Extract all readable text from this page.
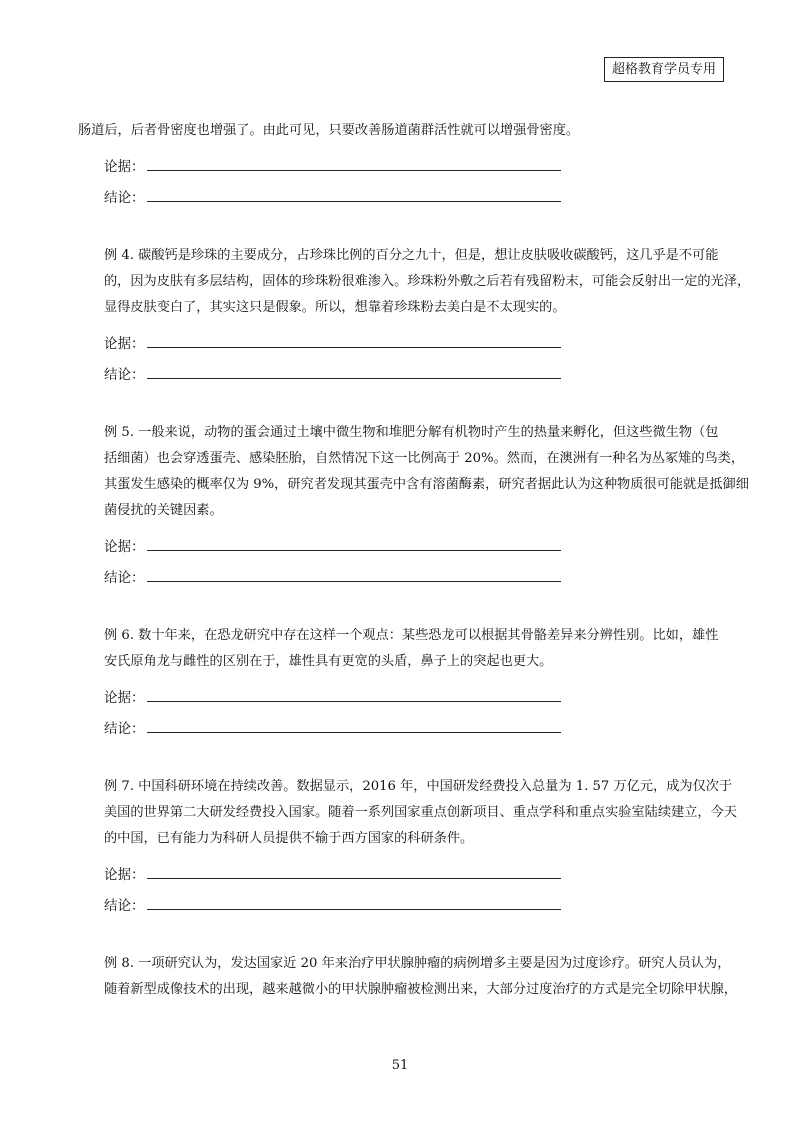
超格教育学员专用

肠道后，后者骨密度也增强了。由此可见，只要改善肠道菌群活性就可以增强骨密度。

论据：
结论：

例 4. 碳酸钙是珍珠的主要成分，占珍珠比例的百分之九十，但是，想让皮肤吸收碳酸钙，这几乎是不可能
的，因为皮肤有多层结构，固体的珍珠粉很难渗入。珍珠粉外敷之后若有残留粉末，可能会反射出一定的光泽，
显得皮肤变白了，其实这只是假象。所以，想靠着珍珠粉去美白是不太现实的。

论据：
结论：

例 5. 一般来说，动物的蛋会通过土壤中微生物和堆肥分解有机物时产生的热量来孵化，但这些微生物（包
括细菌）也会穿透蛋壳、感染胚胎，自然情况下这一比例高于 20%。然而，在澳洲有一种名为丛冢雉的鸟类，
其蛋发生感染的概率仅为 9%，研究者发现其蛋壳中含有溶菌酶素，研究者据此认为这种物质很可能就是抵御细
菌侵扰的关键因素。

论据：
结论：

例 6. 数十年来，在恐龙研究中存在这样一个观点：某些恐龙可以根据其骨骼差异来分辨性别。比如，雄性
安氏原角龙与雌性的区别在于，雄性具有更宽的头盾，鼻子上的突起也更大。

论据：
结论：

例 7. 中国科研环境在持续改善。数据显示，2016 年，中国研发经费投入总量为 1. 57 万亿元，成为仅次于
美国的世界第二大研发经费投入国家。随着一系列国家重点创新项目、重点学科和重点实验室陆续建立，今天
的中国，已有能力为科研人员提供不输于西方国家的科研条件。

论据：
结论：

例 8. 一项研究认为，发达国家近 20 年来治疗甲状腺肿瘤的病例增多主要是因为过度诊疗。研究人员认为，
随着新型成像技术的出现，越来越微小的甲状腺肿瘤被检测出来，大部分过度治疗的方式是完全切除甲状腺，

51
